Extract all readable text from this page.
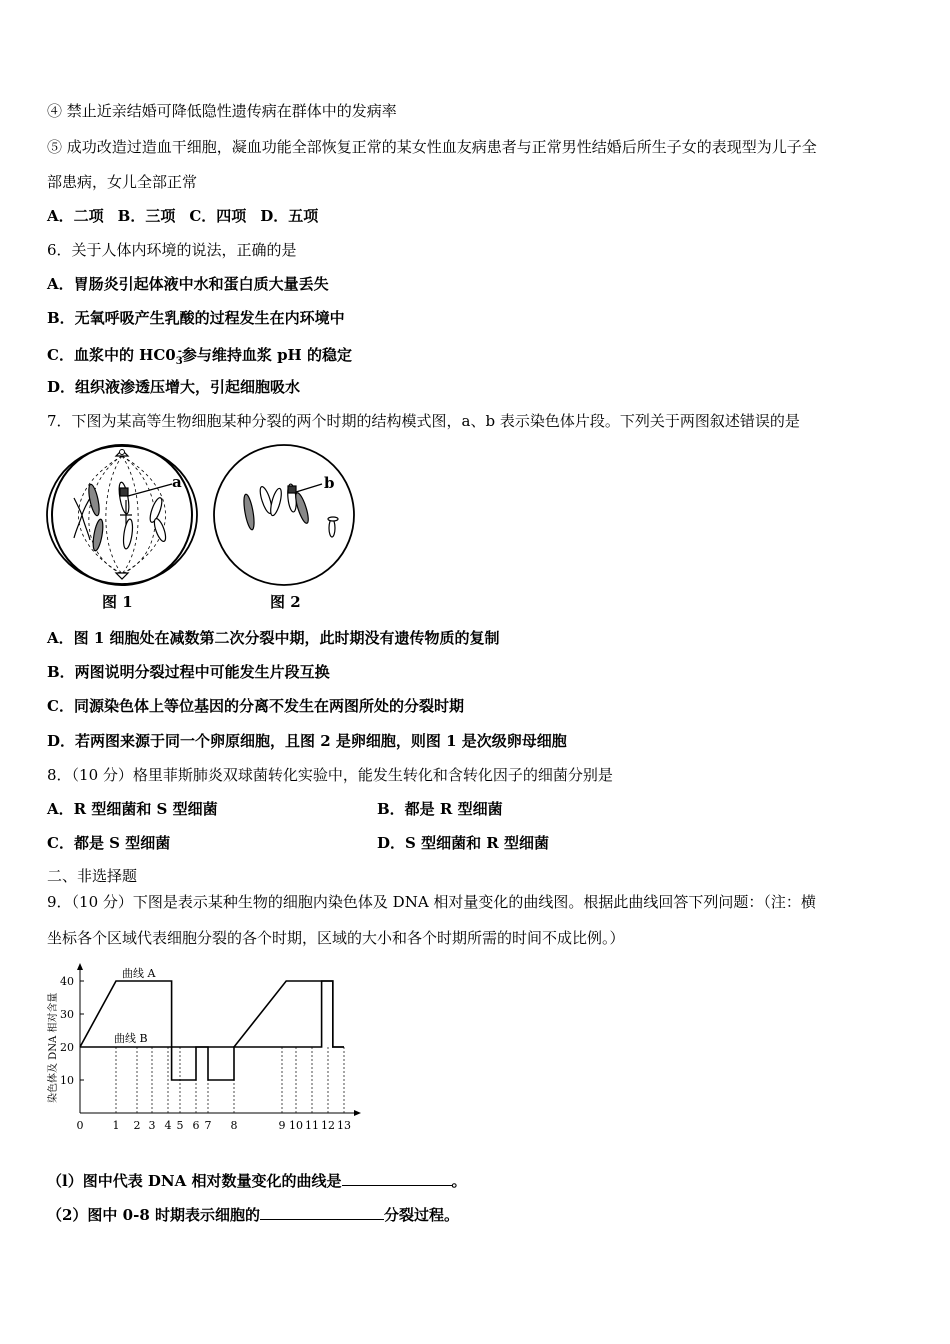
④ 禁止近亲结婚可降低隐性遗传病在群体中的发病率
⑤ 成功改造过造血干细胞，凝血功能全部恢复正常的某女性血友病患者与正常男性结婚后所生子女的表现型为儿子全
部患病，女儿全部正常
A．二项 B．三项 C．四项 D．五项
6．关于人体内环境的说法，正确的是
A．胃肠炎引起体液中水和蛋白质大量丢失
B．无氧呼吸产生乳酸的过程发生在内环境中
C．血浆中的 $HC0_3^-$参与维持血浆 pH 的稳定
D．组织液渗透压增大，引起细胞吸水
7．下图为某高等生物细胞某种分裂的两个时期的结构模式图，a、b 表示染色体片段。下列关于两图叙述错误的是
a
图 1
b
图 2
A．图 1 细胞处在减数第二次分裂中期，此时期没有遗传物质的复制
B．两图说明分裂过程中可能发生片段互换
C．同源染色体上等位基因的分离不发生在两图所处的分裂时期
D．若两图来源于同一个卵原细胞，且图 2 是卵细胞，则图 1 是次级卵母细胞
8．（10 分）格里菲斯肺炎双球菌转化实验中，能发生转化和含转化因子的细菌分别是
A．R 型细菌和 S 型细菌	B．都是 R 型细菌
C．都是 S 型细菌	D．S 型细菌和 R 型细菌
二、非选择题
9．（10 分）下图是表示某种生物的细胞内染色体及 DNA 相对量变化的曲线图。根据此曲线回答下列问题：（注：横
坐标各个区域代表细胞分裂的各个时期，区域的大小和各个时期所需的时间不成比例。）
10
20
30
40
0	1 2 3 4 5 6 7 8	9 10 11 12 13
染色体及 DNA 相对含量
曲线 A
曲线 B
（l）图中代表 DNA 相对数量变化的曲线是	。
（2）图中 0-8 时期表示细胞的	分裂过程。
